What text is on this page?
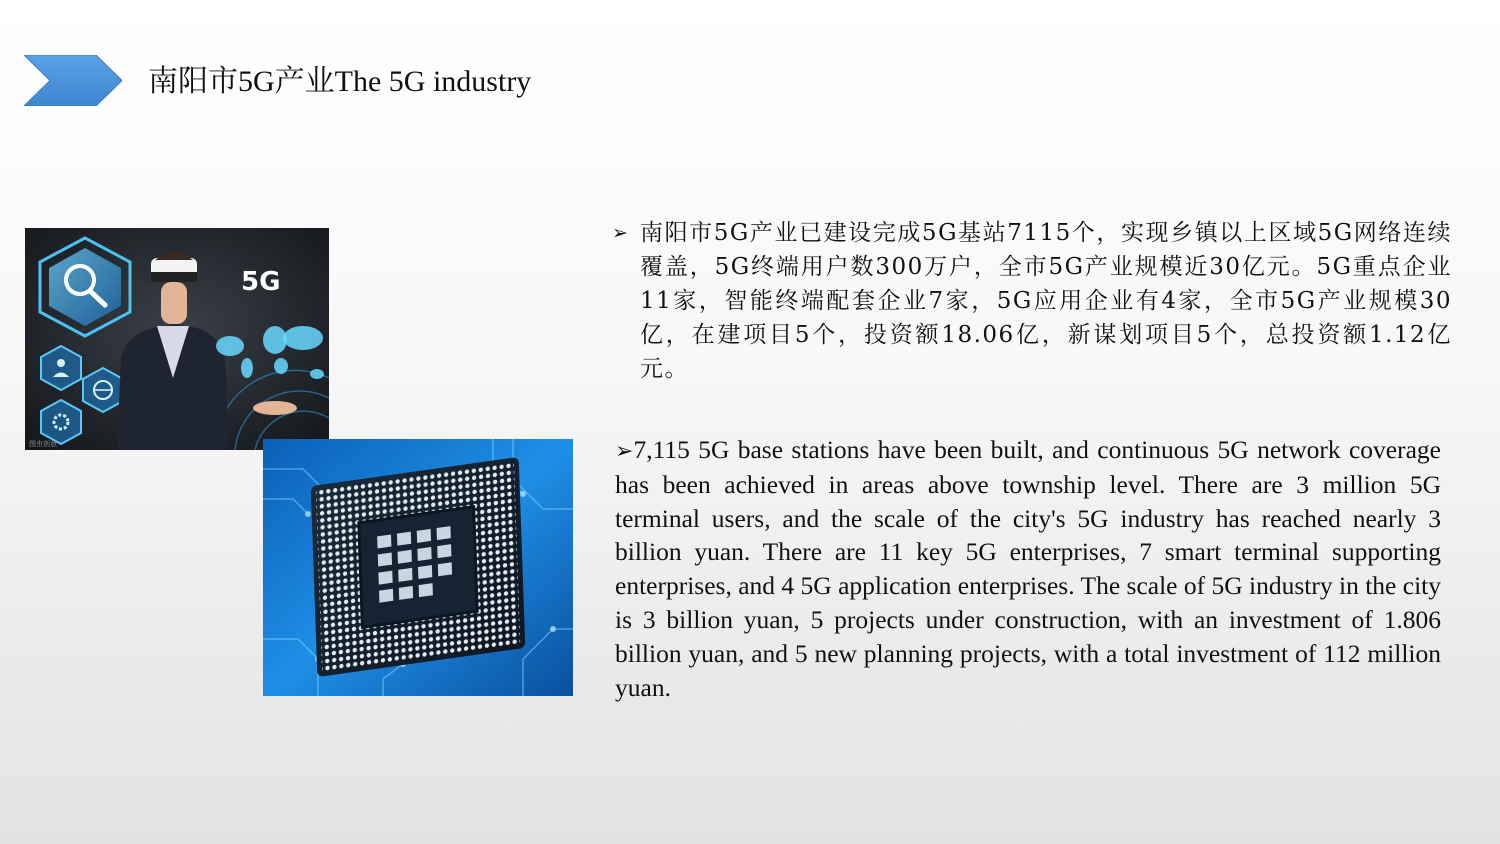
南阳市5G产业The 5G industry
5G
图虫创意
➢ 南阳市5G产业已建设完成5G基站7115个，实现乡镇以上区域5G网络连续覆盖，5G终端用户数300万户，全市5G产业规模近30亿元。5G重点企业11家，智能终端配套企业7家，5G应用企业有4家，全市5G产业规模30亿，在建项目5个，投资额18.06亿，新谋划项目5个，总投资额1.12亿元。
➢7,115 5G base stations have been built, and continuous 5G network coverage has been achieved in areas above township level. There are 3 million 5G terminal users, and the scale of the city's 5G industry has reached nearly 3 billion yuan. There are 11 key 5G enterprises, 7 smart terminal supporting enterprises, and 4 5G application enterprises. The scale of 5G industry in the city is 3 billion yuan, 5 projects under construction, with an investment of 1.806 billion yuan, and 5 new planning projects, with a total investment of 112 million yuan.
